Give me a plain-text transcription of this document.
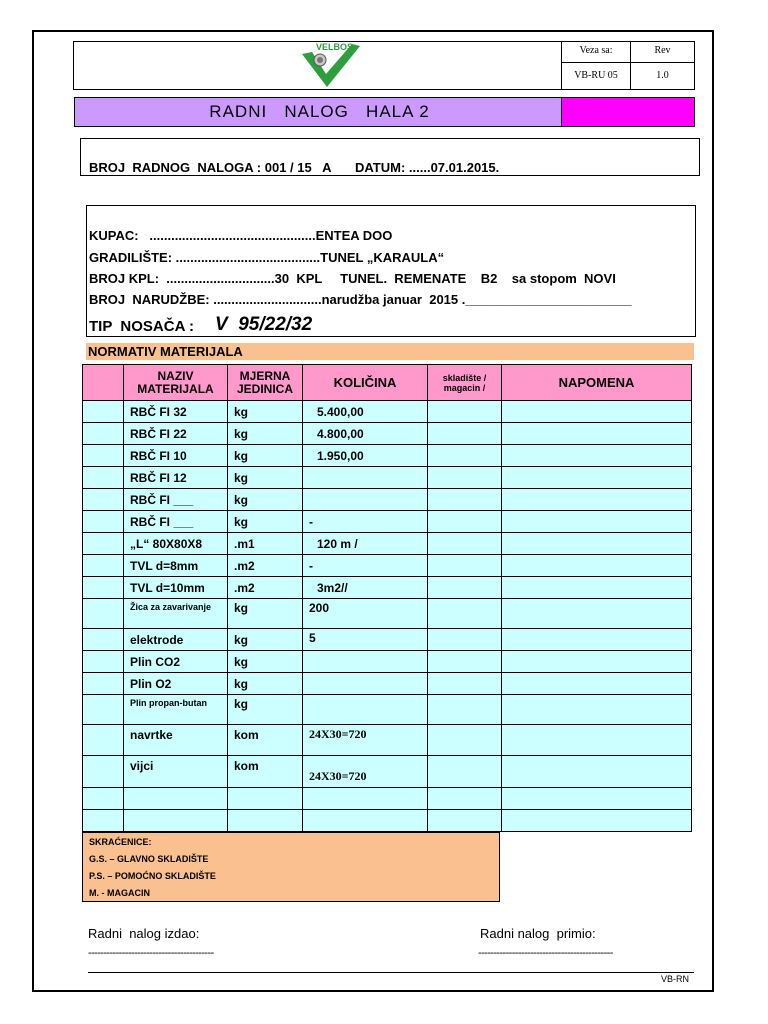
VELBOS	Veza sa:	Rev
VB-RU 05	1.0
RADNI   NALOG   HALA 2
BROJ  RADNOG  NALOGA : 001 / 15   A DATUM: ......07.01.2015.
KUPAC:   ..............................................ENTEA DOO
GRADILIŠTE: ........................................TUNEL „KARAULA“
BROJ KPL:  ..............................30  KPL     TUNEL.  REMENATE    B2    sa stopom  NOVI
BROJ  NARUDŽBE: ..............................narudžba januar  2015 ._______________________
TIP  NOSAČA : V  95/22/32
NORMATIV MATERIJALA
	NAZIV MATERIJALA	MJERNA JEDINICA	KOLIČINA	skladište / magacin /	NAPOMENA
	RBČ FI 32	kg	5.400,00		
	RBČ FI 22	kg	4.800,00		
	RBČ FI 10	kg	1.950,00		
	RBČ FI 12	kg			
	RBČ FI ___	kg			
	RBČ FI ___	kg	-		
	„L“ 80X80X8	.m1	120 m /		
	TVL d=8mm	.m2	-		
	TVL d=10mm	.m2	3m2//		
	Žica za zavarivanje	kg	200		
	elektrode	kg	5		
	Plin CO2	kg			
	Plin O2	kg			
	Plin propan-butan	kg			
	navrtke	kom	24X30=720		
	vijci	kom	24X30=720		

SKRAĆENICE:
G.S. – GLAVNO SKLADIŠTE
P.S. – POMOĆNO SKLADIŠTE
M. - MAGACIN
Radni  nalog izdao:	Radni nalog  primio:
-----------------------------------------	--------------------------------------------
VB-RN
